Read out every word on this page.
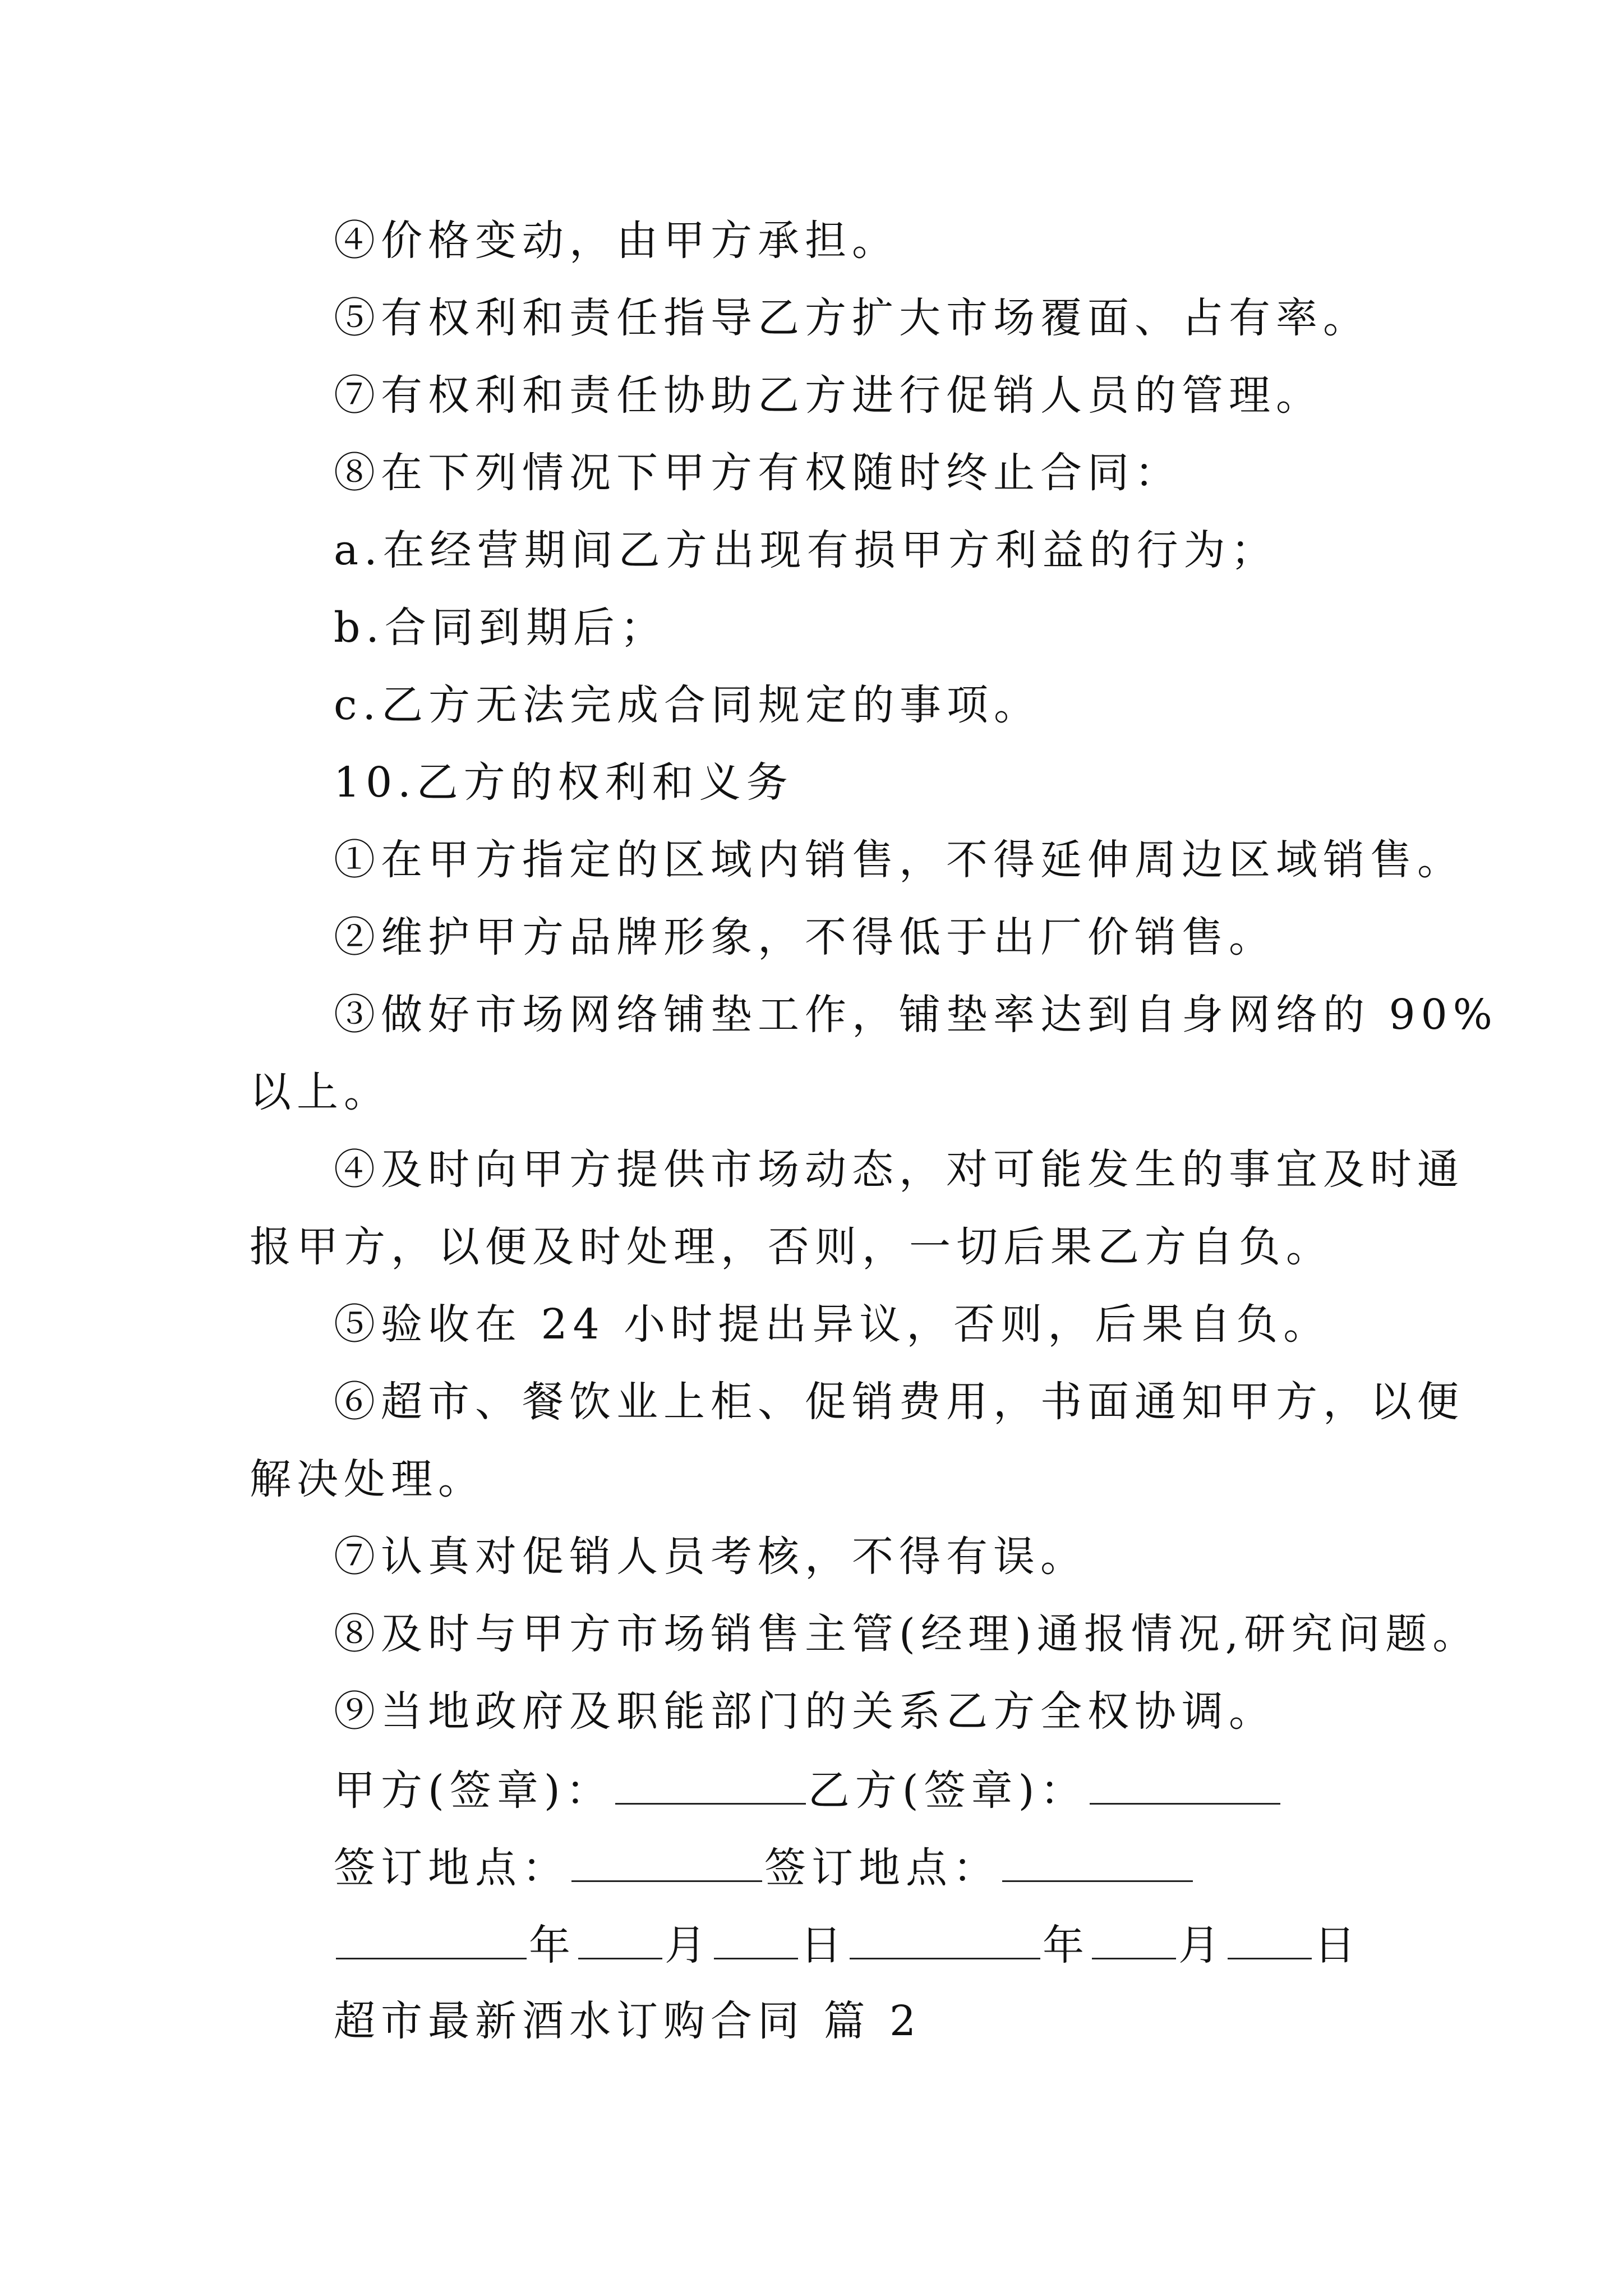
④价格变动，由甲方承担。
⑤有权利和责任指导乙方扩大市场覆面、占有率。
⑦有权利和责任协助乙方进行促销人员的管理。
⑧在下列情况下甲方有权随时终止合同：
a.在经营期间乙方出现有损甲方利益的行为；
b.合同到期后；
c.乙方无法完成合同规定的事项。
10.乙方的权利和义务
①在甲方指定的区域内销售，不得延伸周边区域销售。
②维护甲方品牌形象，不得低于出厂价销售。
③做好市场网络铺垫工作，铺垫率达到自身网络的 90%
以上。
④及时向甲方提供市场动态，对可能发生的事宜及时通
报甲方，以便及时处理，否则，一切后果乙方自负。
⑤验收在 24 小时提出异议，否则，后果自负。
⑥超市、餐饮业上柜、促销费用，书面通知甲方，以便
解决处理。
⑦认真对促销人员考核，不得有误。
⑧及时与甲方市场销售主管(经理)通报情况,研究问题。
⑨当地政府及职能部门的关系乙方全权协调。
甲方(签章)：	乙方(签章)：
签订地点：	签订地点：
年 月 日	年 月 日
超市最新酒水订购合同 篇 2
